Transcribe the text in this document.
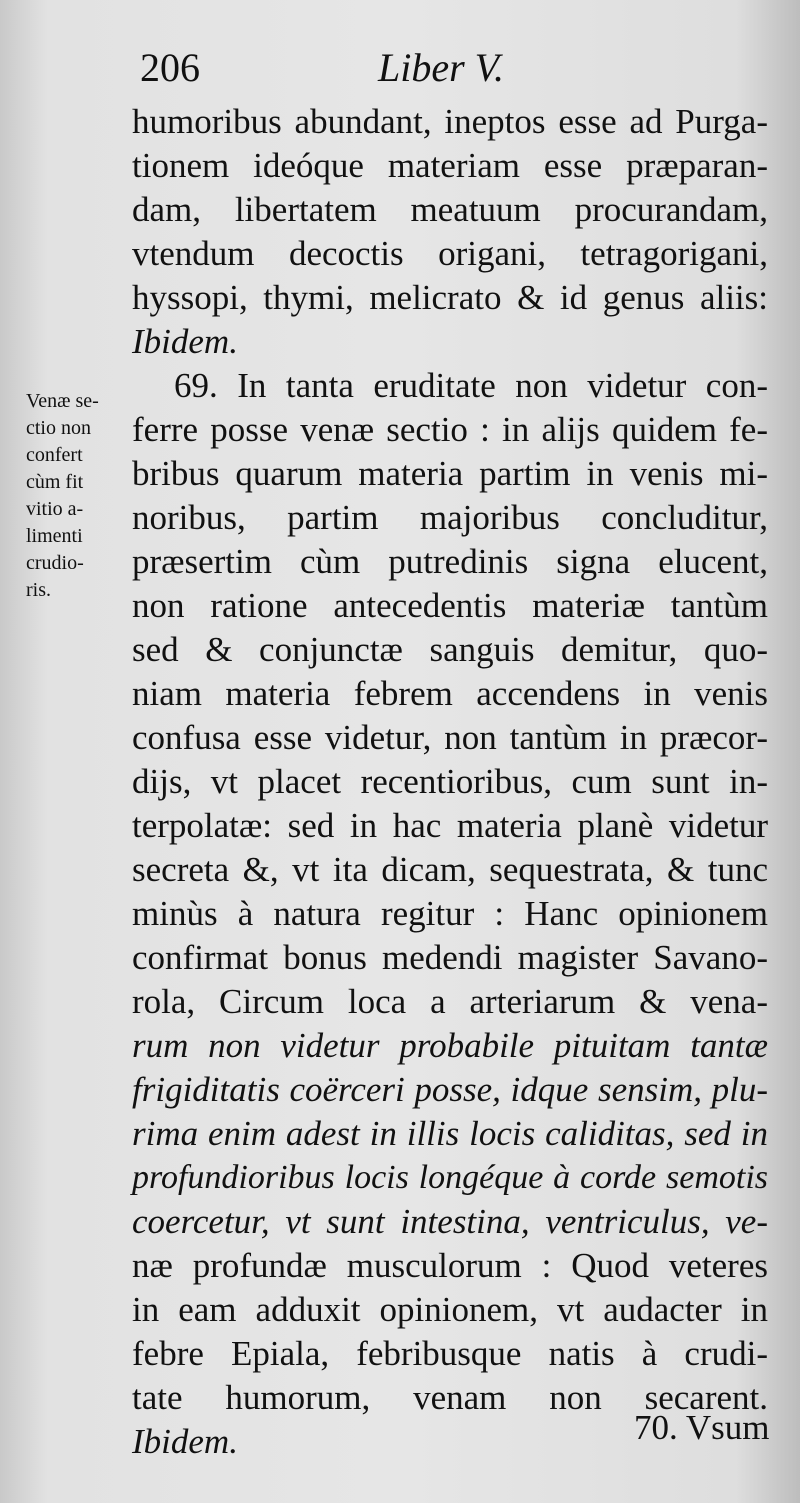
206	Liber V.
Venæ se-
ctio non
confert
cùm fit
vitio a-
limenti
crudio-
ris.
humoribus abundant, ineptos esse ad Purga-
tionem ideóque materiam esse præparan-
dam, libertatem meatuum procurandam,
vtendum decoctis origani, tetragorigani,
hyssopi, thymi, melicrato & id genus aliis:
Ibidem.
69. In tanta eruditate non videtur con-
ferre posse venæ sectio : in alijs quidem fe-
bribus quarum materia partim in venis mi-
noribus, partim majoribus concluditur,
præsertim cùm putredinis signa elucent,
non ratione antecedentis materiæ tantùm
sed & conjunctæ sanguis demitur, quo-
niam materia febrem accendens in venis
confusa esse videtur, non tantùm in præcor-
dijs, vt placet recentioribus, cum sunt in-
terpolatæ: sed in hac materia planè videtur
secreta &, vt ita dicam, sequestrata, & tunc
minùs à natura regitur : Hanc opinionem
confirmat bonus medendi magister Savano-
rola, Circum loca a arteriarum & vena-
rum non videtur probabile pituitam tantæ
frigiditatis coërceri posse, idque sensim, plu-
rima enim adest in illis locis caliditas, sed in
profundioribus locis longéque à corde semotis
coercetur, vt sunt intestina, ventriculus, ve-
næ profundæ musculorum : Quod veteres
in eam adduxit opinionem, vt audacter in
febre Epiala, febribusque natis à crudi-
tate humorum, venam non secarent.
Ibidem.	70. Vsum
